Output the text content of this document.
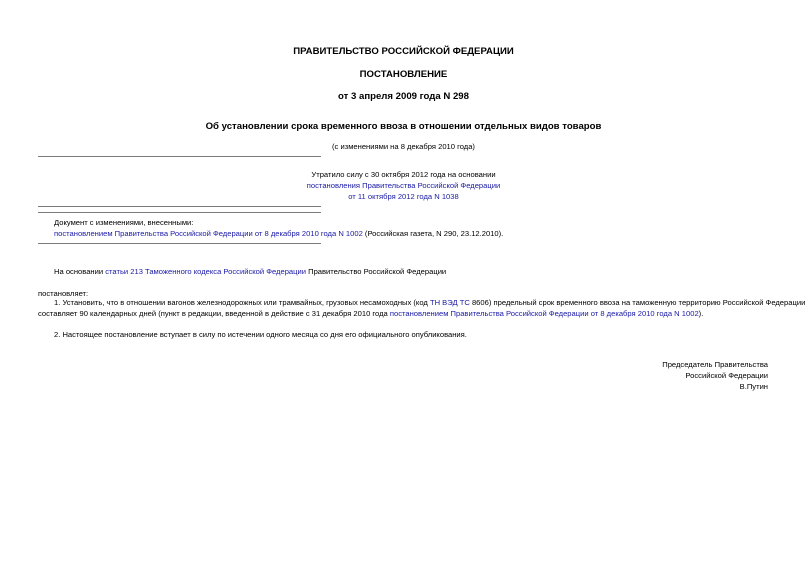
ПРАВИТЕЛЬСТВО РОССИЙСКОЙ ФЕДЕРАЦИИ
ПОСТАНОВЛЕНИЕ
от 3 апреля 2009 года N 298
Об установлении срока временного ввоза в отношении отдельных видов товаров
(с изменениями на 8 декабря 2010 года)
Утратило силу с 30 октября 2012 года на основании
постановления Правительства Российской Федерации
от 11 октября 2012 года N 1038
Документ с изменениями, внесенными:
постановлением Правительства Российской Федерации от 8 декабря 2010 года N 1002 (Российская газета, N 290, 23.12.2010).
На основании статьи 213 Таможенного кодекса Российской Федерации Правительство Российской Федерации
постановляет:
1. Установить, что в отношении вагонов железнодорожных или трамвайных, грузовых несамоходных (код ТН ВЭД ТС 8606) предельный срок временного ввоза на таможенную территорию Российской Федерации
составляет 90 календарных дней (пункт в редакции, введенной в действие с 31 декабря 2010 года постановлением Правительства Российской Федерации от 8 декабря 2010 года N 1002).
2. Настоящее постановление вступает в силу по истечении одного месяца со дня его официального опубликования.
Председатель Правительства
Российской Федерации
В.Путин
